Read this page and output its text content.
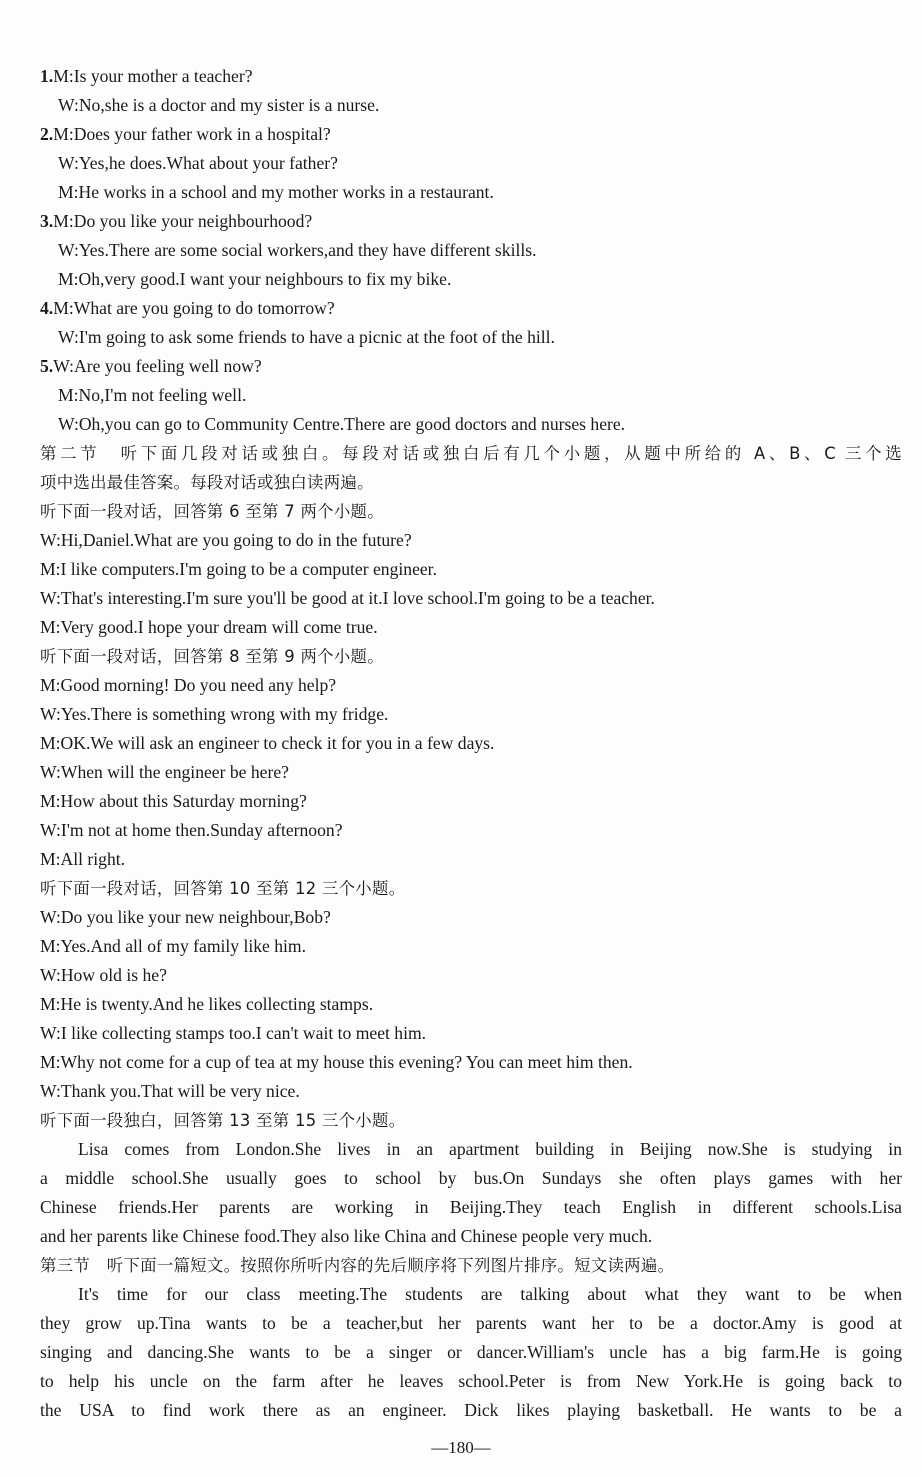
1.M:Is your mother a teacher?
W:No,she is a doctor and my sister is a nurse.
2.M:Does your father work in a hospital?
W:Yes,he does.What about your father?
M:He works in a school and my mother works in a restaurant.
3.M:Do you like your neighbourhood?
W:Yes.There are some social workers,and they have different skills.
M:Oh,very good.I want your neighbours to fix my bike.
4.M:What are you going to do tomorrow?
W:I'm going to ask some friends to have a picnic at the foot of the hill.
5.W:Are you feeling well now?
M:No,I'm not feeling well.
W:Oh,you can go to Community Centre.There are good doctors and nurses here.
第二节　听下面几段对话或独白。每段对话或独白后有几个小题，从题中所给的 A、B、C 三个选
项中选出最佳答案。每段对话或独白读两遍。
听下面一段对话，回答第 6 至第 7 两个小题。
W:Hi,Daniel.What are you going to do in the future?
M:I like computers.I'm going to be a computer engineer.
W:That's interesting.I'm sure you'll be good at it.I love school.I'm going to be a teacher.
M:Very good.I hope your dream will come true.
听下面一段对话，回答第 8 至第 9 两个小题。
M:Good morning! Do you need any help?
W:Yes.There is something wrong with my fridge.
M:OK.We will ask an engineer to check it for you in a few days.
W:When will the engineer be here?
M:How about this Saturday morning?
W:I'm not at home then.Sunday afternoon?
M:All right.
听下面一段对话，回答第 10 至第 12 三个小题。
W:Do you like your new neighbour,Bob?
M:Yes.And all of my family like him.
W:How old is he?
M:He is twenty.And he likes collecting stamps.
W:I like collecting stamps too.I can't wait to meet him.
M:Why not come for a cup of tea at my house this evening? You can meet him then.
W:Thank you.That will be very nice.
听下面一段独白，回答第 13 至第 15 三个小题。
Lisa comes from London.She lives in an apartment building in Beijing now.She is studying in
a middle school.She usually goes to school by bus.On Sundays she often plays games with her
Chinese friends.Her parents are working in Beijing.They teach English in different schools.Lisa
and her parents like Chinese food.They also like China and Chinese people very much.
第三节　听下面一篇短文。按照你所听内容的先后顺序将下列图片排序。短文读两遍。
It's time for our class meeting.The students are talking about what they want to be when
they grow up.Tina wants to be a teacher,but her parents want her to be a doctor.Amy is good at
singing and dancing.She wants to be a singer or dancer.William's uncle has a big farm.He is going
to help his uncle on the farm after he leaves school.Peter is from New York.He is going back to
the USA to find work there as an engineer. Dick likes playing basketball. He wants to be a
—180—
